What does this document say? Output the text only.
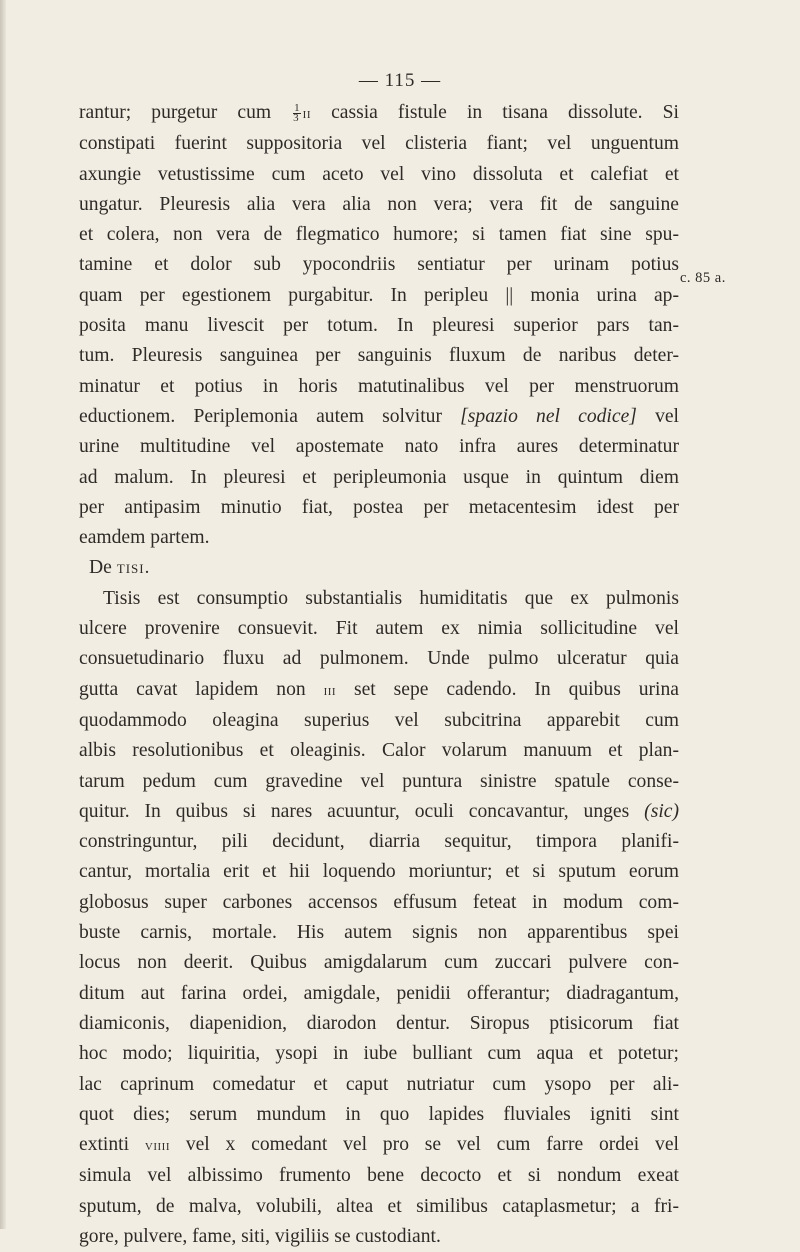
— 115 —
c. 85 a.
rantur; purgetur cum $\frac{1}{3}$ ii cassia fistule in tisana dissolute. Si
constipati fuerint suppositoria vel clisteria fiant; vel unguentum
axungie vetustissime cum aceto vel vino dissoluta et calefiat et
ungatur. Pleuresis alia vera alia non vera; vera fit de sanguine
et colera, non vera de flegmatico humore; si tamen fiat sine spu-
tamine et dolor sub ypocondriis sentiatur per urinam potius
quam per egestionem purgabitur. In peripleu || monia urina ap-
posita manu livescit per totum. In pleuresi superior pars tan-
tum. Pleuresis sanguinea per sanguinis fluxum de naribus deter-
minatur et potius in horis matutinalibus vel per menstruorum
eductionem. Periplemonia autem solvitur [spazio nel codice] vel
urine multitudine vel apostemate nato infra aures determinatur
ad malum. In pleuresi et peripleumonia usque in quintum diem
per antipasim minutio fiat, postea per metacentesim idest per
eamdem partem.
De tisi.
Tisis est consumptio substantialis humiditatis que ex pulmonis
ulcere provenire consuevit. Fit autem ex nimia sollicitudine vel
consuetudinario fluxu ad pulmonem. Unde pulmo ulceratur quia
gutta cavat lapidem non iii set sepe cadendo. In quibus urina
quodammodo oleagina superius vel subcitrina apparebit cum
albis resolutionibus et oleaginis. Calor volarum manuum et plan-
tarum pedum cum gravedine vel puntura sinistre spatule conse-
quitur. In quibus si nares acuuntur, oculi concavantur, unges (sic)
constringuntur, pili decidunt, diarria sequitur, timpora planifi-
cantur, mortalia erit et hii loquendo moriuntur; et si sputum eorum
globosus super carbones accensos effusum feteat in modum com-
buste carnis, mortale. His autem signis non apparentibus spei
locus non deerit. Quibus amigdalarum cum zuccari pulvere con-
ditum aut farina ordei, amigdale, penidii offerantur; diadragantum,
diamiconis, diapenidion, diarodon dentur. Siropus ptisicorum fiat
hoc modo; liquiritia, ysopi in iube bulliant cum aqua et potetur;
lac caprinum comedatur et caput nutriatur cum ysopo per ali-
quot dies; serum mundum in quo lapides fluviales igniti sint
extinti viiii vel x comedant vel pro se vel cum farre ordei vel
simula vel albissimo frumento bene decocto et si nondum exeat
sputum, de malva, volubili, altea et similibus cataplasmetur; a fri-
gore, pulvere, fame, siti, vigiliis se custodiant.
